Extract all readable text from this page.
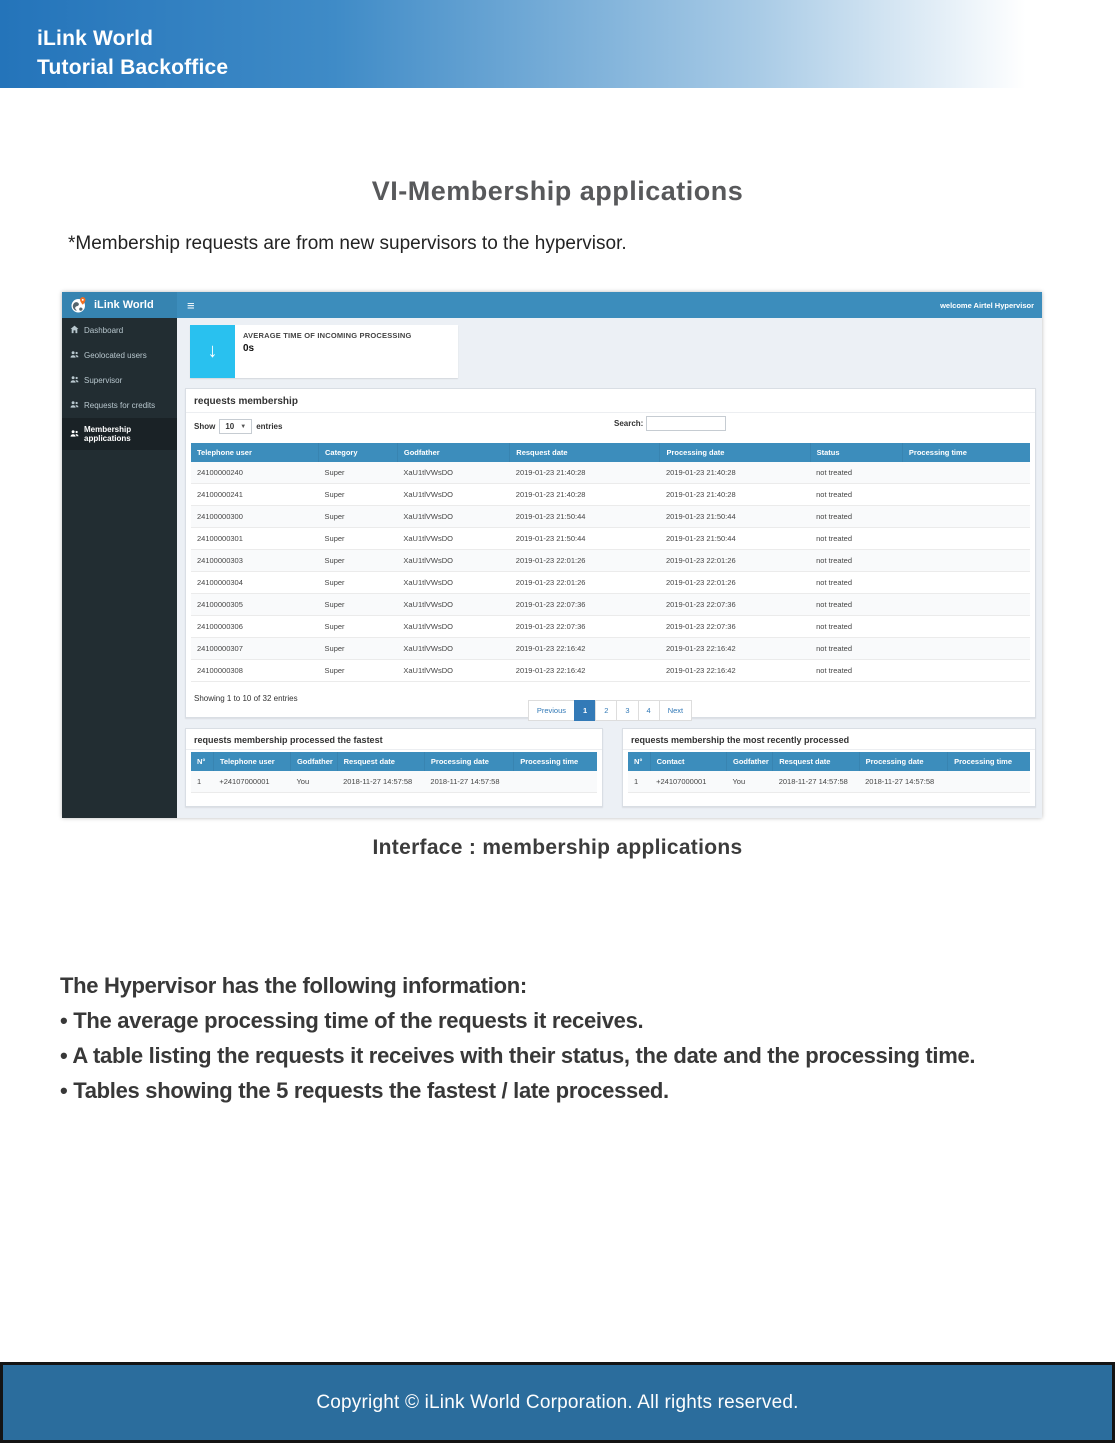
iLink World
Tutorial Backoffice
VI-Membership applications

*Membership requests are from new supervisors to the hypervisor.

iLink World	≡	welcome Airtel Hypervisor
Dashboard
Geolocated users
Supervisor
Requests for credits
Membership applications
↓
AVERAGE TIME OF INCOMING PROCESSING
0s
requests membership
Show 10 ▼ entries	Search:
Telephone user	Category	Godfather	Resquest date	Processing date	Status	Processing time
24100000240	Super	XaU1tlVWsDO	2019-01-23 21:40:28	2019-01-23 21:40:28	not treated	
24100000241	Super	XaU1tlVWsDO	2019-01-23 21:40:28	2019-01-23 21:40:28	not treated	
24100000300	Super	XaU1tlVWsDO	2019-01-23 21:50:44	2019-01-23 21:50:44	not treated	
24100000301	Super	XaU1tlVWsDO	2019-01-23 21:50:44	2019-01-23 21:50:44	not treated	
24100000303	Super	XaU1tlVWsDO	2019-01-23 22:01:26	2019-01-23 22:01:26	not treated	
24100000304	Super	XaU1tlVWsDO	2019-01-23 22:01:26	2019-01-23 22:01:26	not treated	
24100000305	Super	XaU1tlVWsDO	2019-01-23 22:07:36	2019-01-23 22:07:36	not treated	
24100000306	Super	XaU1tlVWsDO	2019-01-23 22:07:36	2019-01-23 22:07:36	not treated	
24100000307	Super	XaU1tlVWsDO	2019-01-23 22:16:42	2019-01-23 22:16:42	not treated	
24100000308	Super	XaU1tlVWsDO	2019-01-23 22:16:42	2019-01-23 22:16:42	not treated	
Showing 1 to 10 of 32 entries
Previous	1	2	3	4	Next
requests membership processed the fastest
N°	Telephone user	Godfather	Resquest date	Processing date	Processing time
1	+24107000001	You	2018-11-27 14:57:58	2018-11-27 14:57:58	
requests membership the most recently processed
N°	Contact	Godfather	Resquest date	Processing date	Processing time
1	+24107000001	You	2018-11-27 14:57:58	2018-11-27 14:57:58	
Interface : membership applications

The Hypervisor has the following information:

• The average processing time of the requests it receives.

• A table listing the requests it receives with their status, the date and the processing time.

• Tables showing the 5 requests the fastest / late processed.

Copyright © iLink World Corporation. All rights reserved.
